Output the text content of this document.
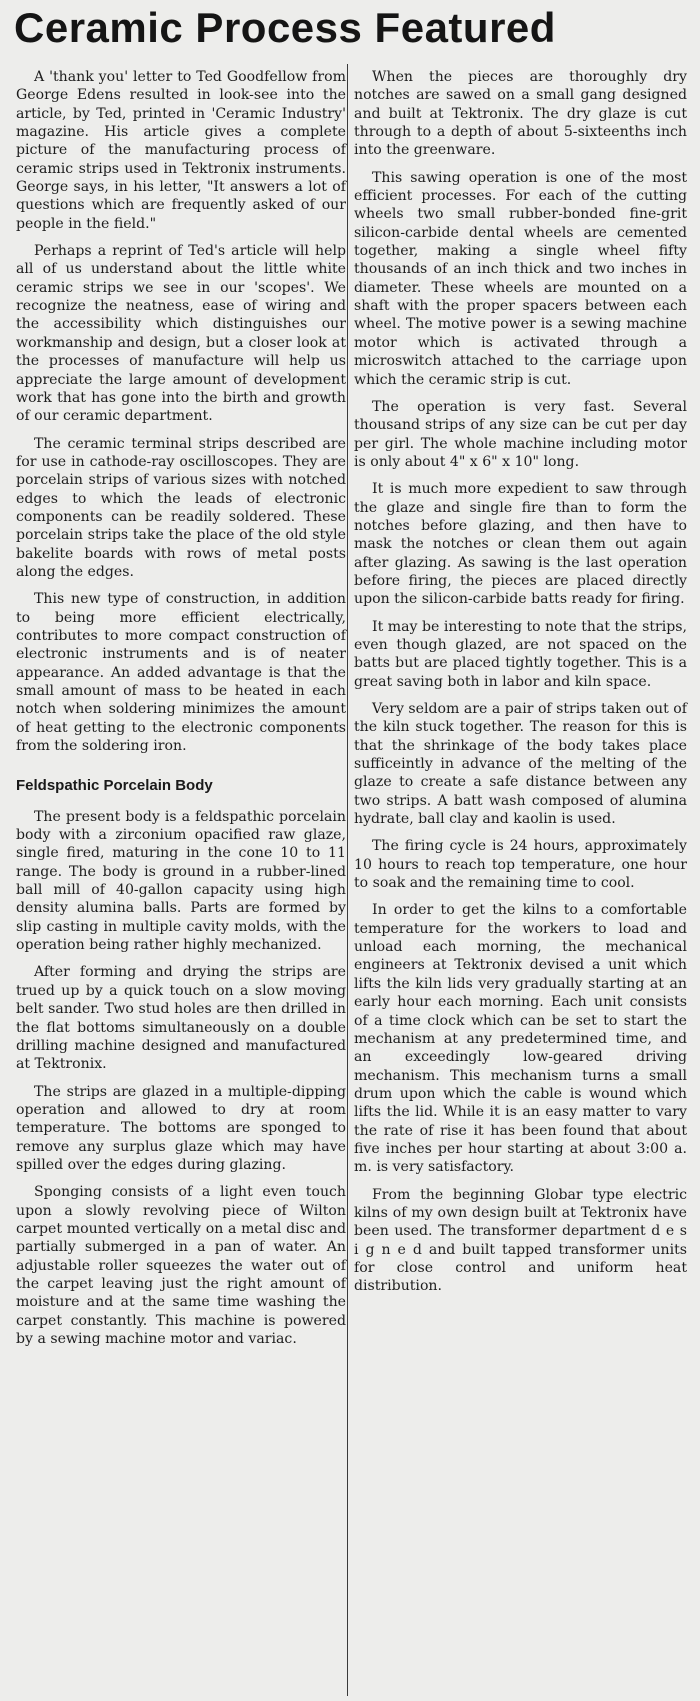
Ceramic Process Featured

A 'thank you' letter to Ted Goodfellow from George Edens resulted in look-see into the article, by Ted, printed in 'Ceramic Industry' magazine. His article gives a complete picture of the manufacturing process of ceramic strips used in Tektronix instruments. George says, in his letter, "It answers a lot of questions which are frequently asked of our people in the field."

Perhaps a reprint of Ted's article will help all of us understand about the little white ceramic strips we see in our 'scopes'. We recognize the neatness, ease of wiring and the accessibility which distinguishes our workmanship and design, but a closer look at the processes of manufacture will help us appreciate the large amount of development work that has gone into the birth and growth of our ceramic department.

The ceramic terminal strips described are for use in cathode-ray oscilloscopes. They are porcelain strips of various sizes with notched edges to which the leads of electronic components can be readily soldered. These porcelain strips take the place of the old style bakelite boards with rows of metal posts along the edges.

This new type of construction, in addition to being more efficient electrically, contributes to more compact construction of electronic instruments and is of neater appearance. An added advantage is that the small amount of mass to be heated in each notch when soldering minimizes the amount of heat getting to the electronic components from the soldering iron.

Feldspathic Porcelain Body

The present body is a feldspathic porcelain body with a zirconium opacified raw glaze, single fired, maturing in the cone 10 to 11 range. The body is ground in a rubber-lined ball mill of 40-gallon capacity using high density alumina balls. Parts are formed by slip casting in multiple cavity molds, with the operation being rather highly mechanized.

After forming and drying the strips are trued up by a quick touch on a slow moving belt sander. Two stud holes are then drilled in the flat bottoms simultaneously on a double drilling machine designed and manufactured at Tektronix.

The strips are glazed in a multiple-dipping operation and allowed to dry at room temperature. The bottoms are sponged to remove any surplus glaze which may have spilled over the edges during glazing.

Sponging consists of a light even touch upon a slowly revolving piece of Wilton carpet mounted vertically on a metal disc and partially submerged in a pan of water. An adjustable roller squeezes the water out of the carpet leaving just the right amount of moisture and at the same time washing the carpet constantly. This machine is powered by a sewing machine motor and variac.

When the pieces are thoroughly dry notches are sawed on a small gang designed and built at Tektronix. The dry glaze is cut through to a depth of about 5-sixteenths inch into the greenware.

This sawing operation is one of the most efficient processes. For each of the cutting wheels two small rubber-bonded fine-grit silicon-carbide dental wheels are cemented together, making a single wheel fifty thousands of an inch thick and two inches in diameter. These wheels are mounted on a shaft with the proper spacers between each wheel. The motive power is a sewing machine motor which is activated through a microswitch attached to the carriage upon which the ceramic strip is cut.

The operation is very fast. Several thousand strips of any size can be cut per day per girl. The whole machine including motor is only about 4" x 6" x 10" long.

It is much more expedient to saw through the glaze and single fire than to form the notches before glazing, and then have to mask the notches or clean them out again after glazing. As sawing is the last operation before firing, the pieces are placed directly upon the silicon-carbide batts ready for firing.

It may be interesting to note that the strips, even though glazed, are not spaced on the batts but are placed tightly together. This is a great saving both in labor and kiln space.

Very seldom are a pair of strips taken out of the kiln stuck together. The reason for this is that the shrinkage of the body takes place sufficeintly in advance of the melting of the glaze to create a safe distance between any two strips. A batt wash composed of alumina hydrate, ball clay and kaolin is used.

The firing cycle is 24 hours, approximately 10 hours to reach top temperature, one hour to soak and the remaining time to cool.

In order to get the kilns to a comfortable temperature for the workers to load and unload each morning, the mechanical engineers at Tektronix devised a unit which lifts the kiln lids very gradually starting at an early hour each morning. Each unit consists of a time clock which can be set to start the mechanism at any predetermined time, and an exceedingly low-geared driving mechanism. This mechanism turns a small drum upon which the cable is wound which lifts the lid. While it is an easy matter to vary the rate of rise it has been found that about five inches per hour starting at about 3:00 a. m. is very satisfactory.

From the beginning Globar type electric kilns of my own design built at Tektronix have been used. The transformer department d e s i g n e d and built tapped transformer units for close control and uniform heat distribution.
